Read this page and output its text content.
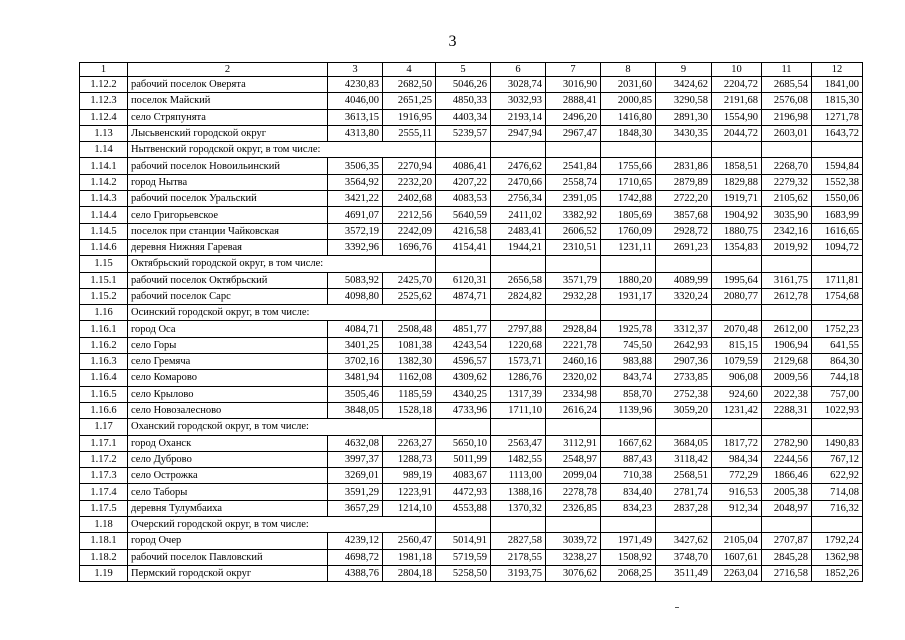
3
1	2	3	4	5	6	7	8	9	10	11	12
1.12.2	рабочий поселок Оверята	4230,83	2682,50	5046,26	3028,74	3016,90	2031,60	3424,62	2204,72	2685,54	1841,00
1.12.3	поселок Майский	4046,00	2651,25	4850,33	3032,93	2888,41	2000,85	3290,58	2191,68	2576,08	1815,30
1.12.4	село Стряпунята	3613,15	1916,95	4403,34	2193,14	2496,20	1416,80	2891,30	1554,90	2196,98	1271,78
1.13	Лысьвенский городской округ	4313,80	2555,11	5239,57	2947,94	2967,47	1848,30	3430,35	2044,72	2603,01	1643,72
1.14	Нытвенский городской округ, в том числе:										
1.14.1	рабочий поселок Новоильинский	3506,35	2270,94	4086,41	2476,62	2541,84	1755,66	2831,86	1858,51	2268,70	1594,84
1.14.2	город Нытва	3564,92	2232,20	4207,22	2470,66	2558,74	1710,65	2879,89	1829,88	2279,32	1552,38
1.14.3	рабочий поселок Уральский	3421,22	2402,68	4083,53	2756,34	2391,05	1742,88	2722,20	1919,71	2105,62	1550,06
1.14.4	село Григорьевское	4691,07	2212,56	5640,59	2411,02	3382,92	1805,69	3857,68	1904,92	3035,90	1683,99
1.14.5	поселок при станции Чайковская	3572,19	2242,09	4216,58	2483,41	2606,52	1760,09	2928,72	1880,75	2342,16	1616,65
1.14.6	деревня Нижняя Гаревая	3392,96	1696,76	4154,41	1944,21	2310,51	1231,11	2691,23	1354,83	2019,92	1094,72
1.15	Октябрьский городской округ, в том числе:										
1.15.1	рабочий поселок Октябрьский	5083,92	2425,70	6120,31	2656,58	3571,79	1880,20	4089,99	1995,64	3161,75	1711,81
1.15.2	рабочий поселок Сарс	4098,80	2525,62	4874,71	2824,82	2932,28	1931,17	3320,24	2080,77	2612,78	1754,68
1.16	Осинский городской округ, в том числе:										
1.16.1	город Оса	4084,71	2508,48	4851,77	2797,88	2928,84	1925,78	3312,37	2070,48	2612,00	1752,23
1.16.2	село Горы	3401,25	1081,38	4243,54	1220,68	2221,78	745,50	2642,93	815,15	1906,94	641,55
1.16.3	село Гремяча	3702,16	1382,30	4596,57	1573,71	2460,16	983,88	2907,36	1079,59	2129,68	864,30
1.16.4	село Комарово	3481,94	1162,08	4309,62	1286,76	2320,02	843,74	2733,85	906,08	2009,56	744,18
1.16.5	село Крылово	3505,46	1185,59	4340,25	1317,39	2334,98	858,70	2752,38	924,60	2022,38	757,00
1.16.6	село Новозалесново	3848,05	1528,18	4733,96	1711,10	2616,24	1139,96	3059,20	1231,42	2288,31	1022,93
1.17	Оханский городской округ, в том числе:										
1.17.1	город Оханск	4632,08	2263,27	5650,10	2563,47	3112,91	1667,62	3684,05	1817,72	2782,90	1490,83
1.17.2	село Дуброво	3997,37	1288,73	5011,99	1482,55	2548,97	887,43	3118,42	984,34	2244,56	767,12
1.17.3	село Острожка	3269,01	989,19	4083,67	1113,00	2099,04	710,38	2568,51	772,29	1866,46	622,92
1.17.4	село Таборы	3591,29	1223,91	4472,93	1388,16	2278,78	834,40	2781,74	916,53	2005,38	714,08
1.17.5	деревня Тулумбаиха	3657,29	1214,10	4553,88	1370,32	2326,85	834,23	2837,28	912,34	2048,97	716,32
1.18	Очерский городской округ, в том числе:										
1.18.1	город Очер	4239,12	2560,47	5014,91	2827,58	3039,72	1971,49	3427,62	2105,04	2707,87	1792,24
1.18.2	рабочий поселок Павловский	4698,72	1981,18	5719,59	2178,55	3238,27	1508,92	3748,70	1607,61	2845,28	1362,98
1.19	Пермский городской округ	4388,76	2804,18	5258,50	3193,75	3076,62	2068,25	3511,49	2263,04	2716,58	1852,26
